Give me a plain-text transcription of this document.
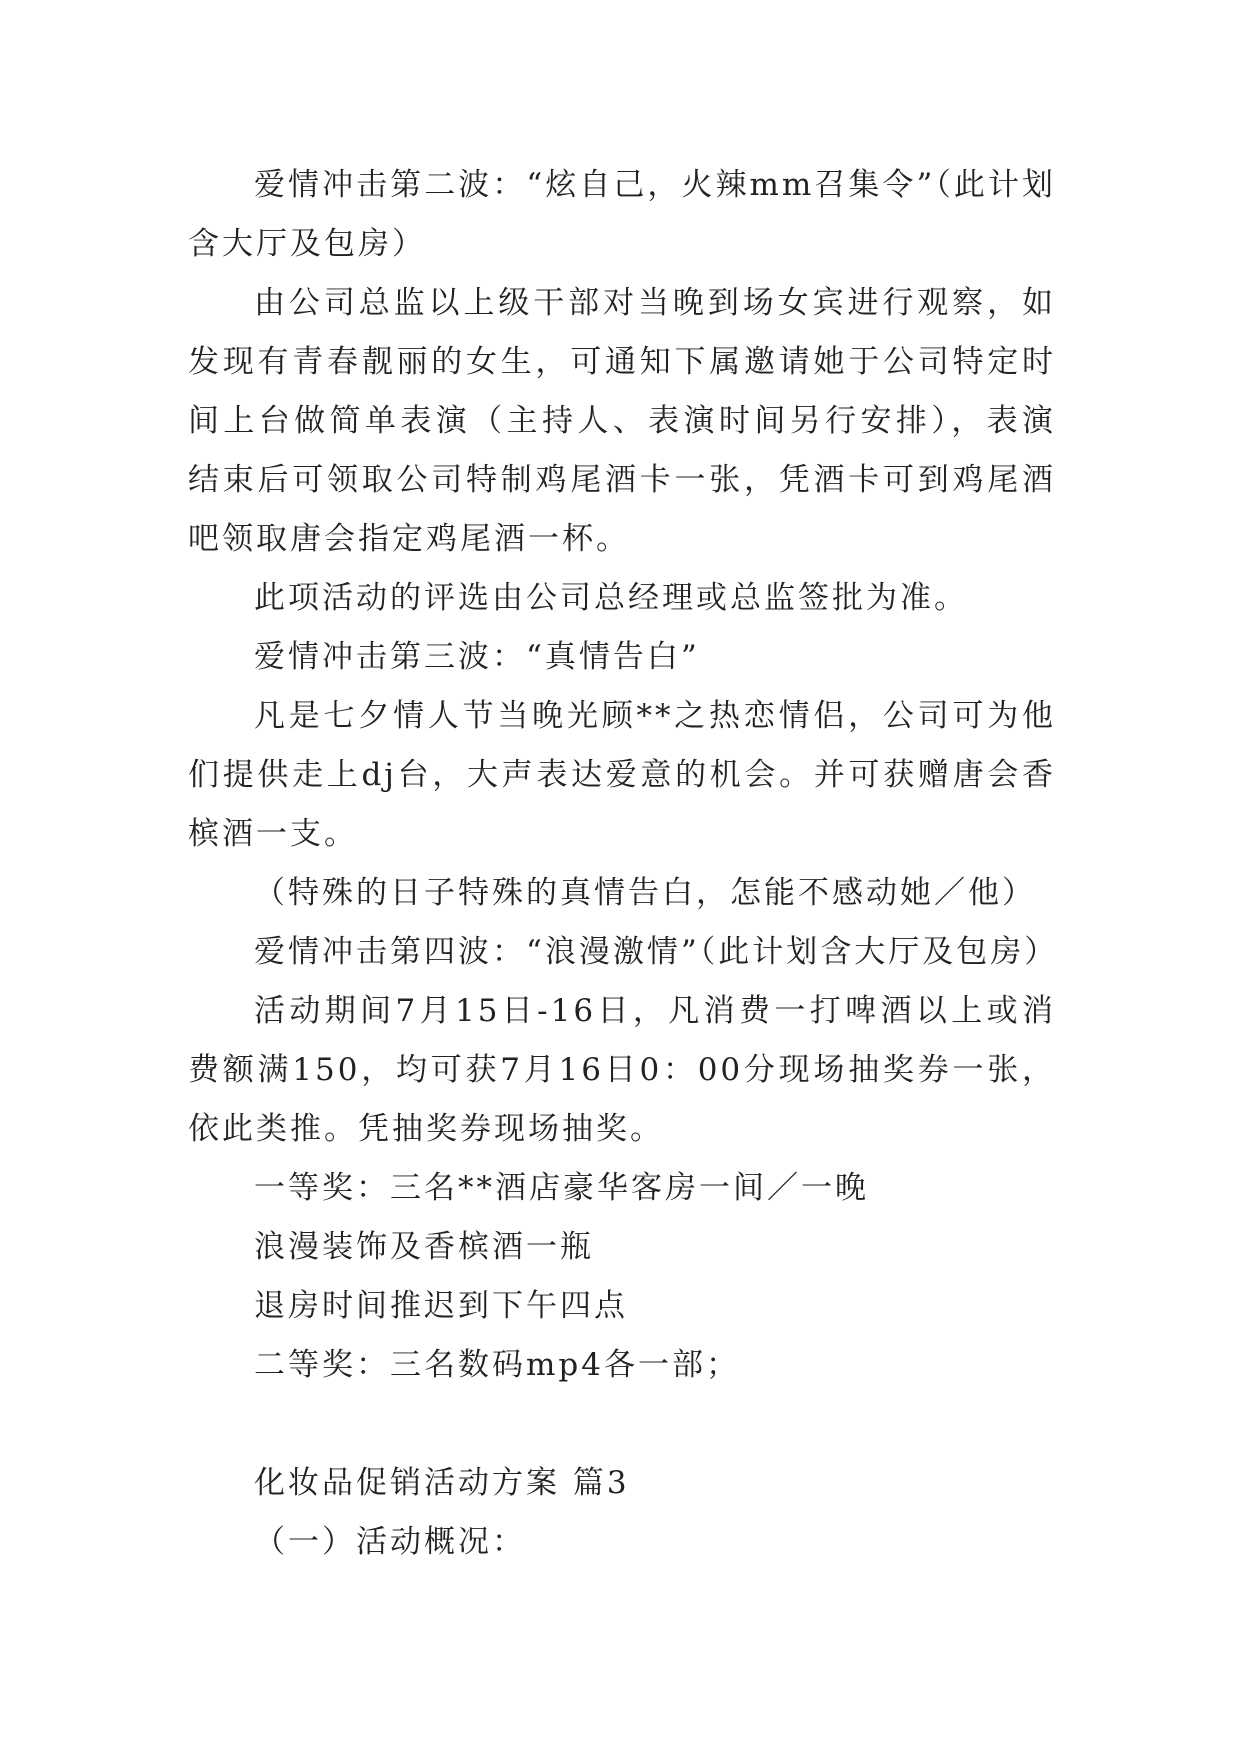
爱情冲击第二波：“炫自己，火辣mm召集令”（此计划含大厅及包房）

由公司总监以上级干部对当晚到场女宾进行观察，如发现有青春靓丽的女生，可通知下属邀请她于公司特定时间上台做简单表演（主持人、表演时间另行安排），表演结束后可领取公司特制鸡尾酒卡一张，凭酒卡可到鸡尾酒吧领取唐会指定鸡尾酒一杯。

此项活动的评选由公司总经理或总监签批为准。

爱情冲击第三波：“真情告白”

凡是七夕情人节当晚光顾**之热恋情侣，公司可为他们提供走上dj台，大声表达爱意的机会。并可获赠唐会香槟酒一支。

（特殊的日子特殊的真情告白，怎能不感动她／他）

爱情冲击第四波：“浪漫激情”（此计划含大厅及包房）

活动期间7月15日-16日，凡消费一打啤酒以上或消费额满150，均可获7月16日0：00分现场抽奖券一张，依此类推。凭抽奖券现场抽奖。

一等奖：三名**酒店豪华客房一间／一晚

浪漫装饰及香槟酒一瓶

退房时间推迟到下午四点

二等奖：三名数码mp4各一部；

化妆品促销活动方案 篇3

（一）活动概况：
